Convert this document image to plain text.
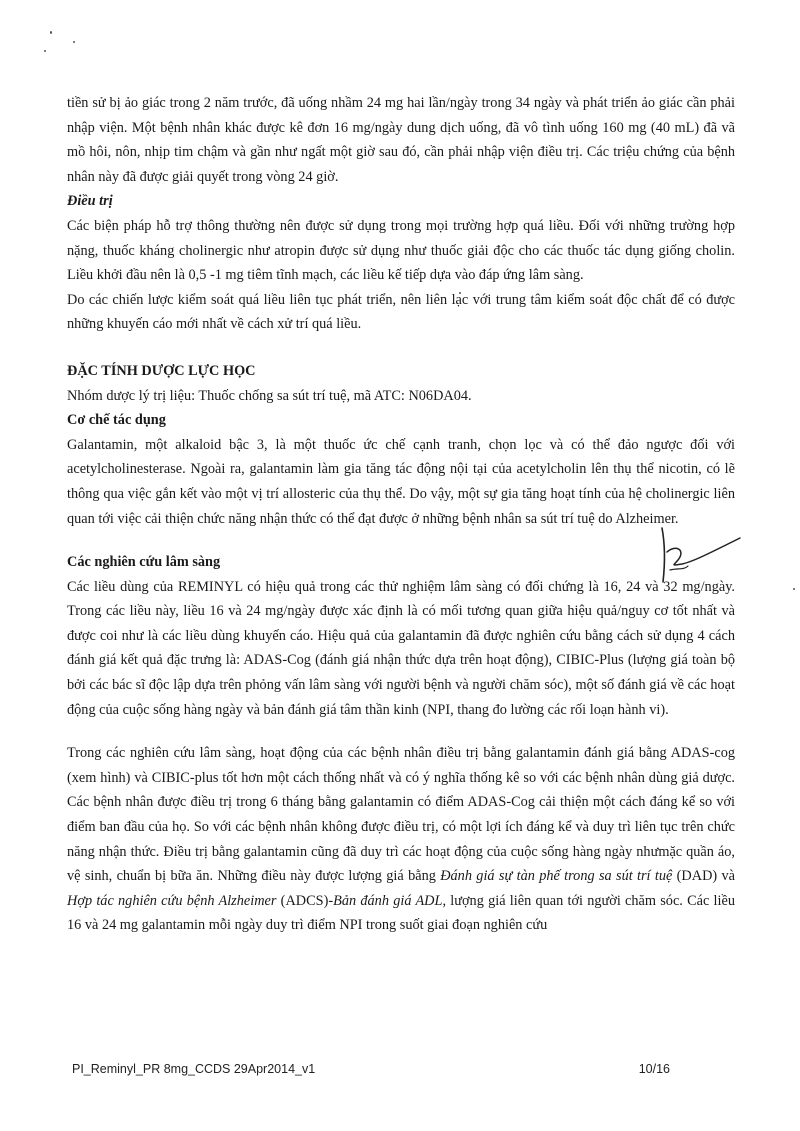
tiền sử bị ảo giác trong 2 năm trước, đã uống nhầm 24 mg hai lần/ngày trong 34 ngày và phát triển ảo giác cần phải nhập viện. Một bệnh nhân khác được kê đơn 16 mg/ngày dung dịch uống, đã vô tình uống 160 mg (40 mL) đã vã mồ hôi, nôn, nhịp tim chậm và gần như ngất một giờ sau đó, cần phải nhập viện điều trị. Các triệu chứng của bệnh nhân này đã được giải quyết trong vòng 24 giờ.

Điều trị

Các biện pháp hỗ trợ thông thường nên được sử dụng trong mọi trường hợp quá liều. Đối với những trường hợp nặng, thuốc kháng cholinergic như atropin được sử dụng như thuốc giải độc cho các thuốc tác dụng giống cholin. Liều khởi đầu nên là 0,5 -1 mg tiêm tĩnh mạch, các liều kế tiếp dựa vào đáp ứng lâm sàng.

Do các chiến lược kiểm soát quá liều liên tục phát triển, nên liên lạc với trung tâm kiểm soát độc chất để có được những khuyến cáo mới nhất về cách xử trí quá liều.

ĐẶC TÍNH DƯỢC LỰC HỌC

Nhóm dược lý trị liệu: Thuốc chống sa sút trí tuệ, mã ATC: N06DA04.

Cơ chế tác dụng

Galantamin, một alkaloid bậc 3, là một thuốc ức chế cạnh tranh, chọn lọc và có thể đảo ngược đối với acetylcholinesterase. Ngoài ra, galantamin làm gia tăng tác động nội tại của acetylcholin lên thụ thể nicotin, có lẽ thông qua việc gắn kết vào một vị trí allosteric của thụ thể. Do vậy, một sự gia tăng hoạt tính của hệ cholinergic liên quan tới việc cải thiện chức năng nhận thức có thể đạt được ở những bệnh nhân sa sút trí tuệ do Alzheimer.

Các nghiên cứu lâm sàng

Các liều dùng của REMINYL có hiệu quả trong các thử nghiệm lâm sàng có đối chứng là 16, 24 và 32 mg/ngày. Trong các liều này, liều 16 và 24 mg/ngày được xác định là có mối tương quan giữa hiệu quả/nguy cơ tốt nhất và được coi như là các liều dùng khuyến cáo. Hiệu quả của galantamin đã được nghiên cứu bằng cách sử dụng 4 cách đánh giá kết quả đặc trưng là: ADAS-Cog (đánh giá nhận thức dựa trên hoạt động), CIBIC-Plus (lượng giá toàn bộ bởi các bác sĩ độc lập dựa trên phỏng vấn lâm sàng với người bệnh và người chăm sóc), một số đánh giá về các hoạt động của cuộc sống hàng ngày và bản đánh giá tâm thần kinh (NPI, thang đo lường các rối loạn hành vi).

Trong các nghiên cứu lâm sàng, hoạt động của các bệnh nhân điều trị bằng galantamin đánh giá bằng ADAS-cog (xem hình) và CIBIC-plus tốt hơn một cách thống nhất và có ý nghĩa thống kê so với các bệnh nhân dùng giả dược. Các bệnh nhân được điều trị trong 6 tháng bằng galantamin có điểm ADAS-Cog cải thiện một cách đáng kể so với điểm ban đầu của họ. So với các bệnh nhân không được điều trị, có một lợi ích đáng kể và duy trì liên tục trên chức năng nhận thức. Điều trị bằng galantamin cũng đã duy trì các hoạt động của cuộc sống hàng ngày nhưmặc quần áo, vệ sinh, chuẩn bị bữa ăn. Những điều này được lượng giá bằng Đánh giá sự tàn phế trong sa sút trí tuệ (DAD) và Hợp tác nghiên cứu bệnh Alzheimer (ADCS)-Bản đánh giá ADL, lượng giá liên quan tới người chăm sóc. Các liều 16 và 24 mg galantamin mỗi ngày duy trì điểm NPI trong suốt giai đoạn nghiên cứu

PI_Reminyl_PR 8mg_CCDS 29Apr2014_v1	10/16
